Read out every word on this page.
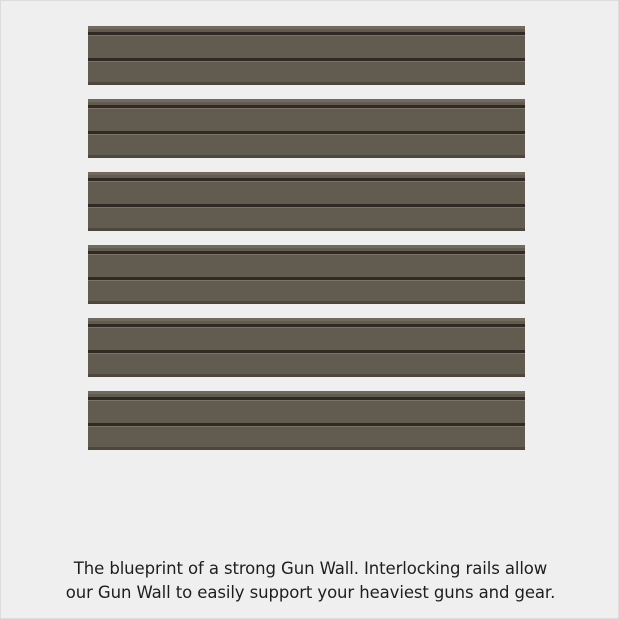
The blueprint of a strong Gun Wall. Interlocking rails allow
our Gun Wall to easily support your heaviest guns and gear.
